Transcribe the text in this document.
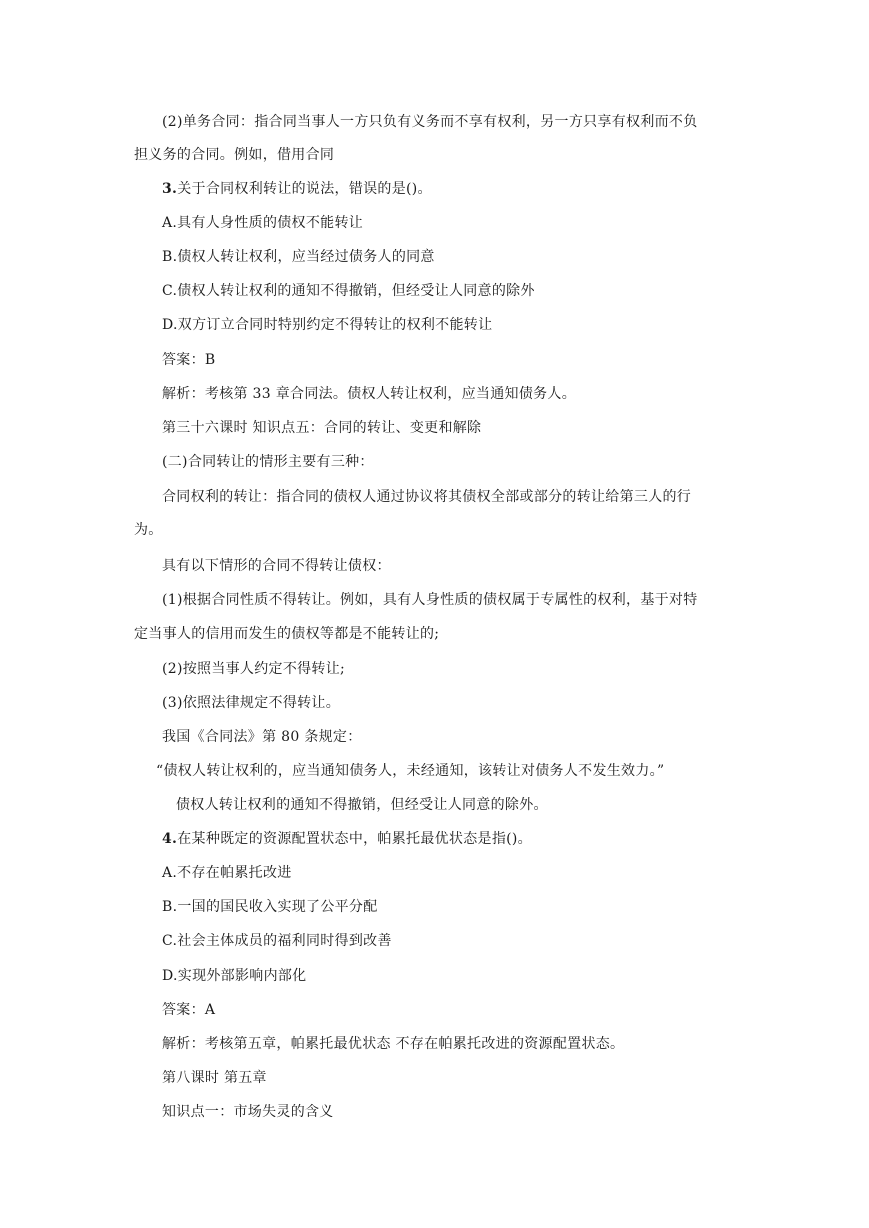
(2)单务合同：指合同当事人一方只负有义务而不享有权利，另一方只享有权利而不负
担义务的合同。例如，借用合同
3.关于合同权利转让的说法，错误的是()。
A.具有人身性质的债权不能转让
B.债权人转让权利，应当经过债务人的同意
C.债权人转让权利的通知不得撤销，但经受让人同意的除外
D.双方订立合同时特别约定不得转让的权利不能转让
答案：B
解析：考核第 33 章合同法。债权人转让权利，应当通知债务人。
第三十六课时 知识点五：合同的转让、变更和解除
(二)合同转让的情形主要有三种：
合同权利的转让：指合同的债权人通过协议将其债权全部或部分的转让给第三人的行
为。
具有以下情形的合同不得转让债权：
(1)根据合同性质不得转让。例如，具有人身性质的债权属于专属性的权利，基于对特
定当事人的信用而发生的债权等都是不能转让的;
(2)按照当事人约定不得转让;
(3)依照法律规定不得转让。
我国《合同法》第 80 条规定：
“债权人转让权利的，应当通知债务人，未经通知，该转让对债务人不发生效力。”
债权人转让权利的通知不得撤销，但经受让人同意的除外。
4.在某种既定的资源配置状态中，帕累托最优状态是指()。
A.不存在帕累托改进
B.一国的国民收入实现了公平分配
C.社会主体成员的福利同时得到改善
D.实现外部影响内部化
答案：A
解析：考核第五章，帕累托最优状态 不存在帕累托改进的资源配置状态。
第八课时 第五章
知识点一：市场失灵的含义
